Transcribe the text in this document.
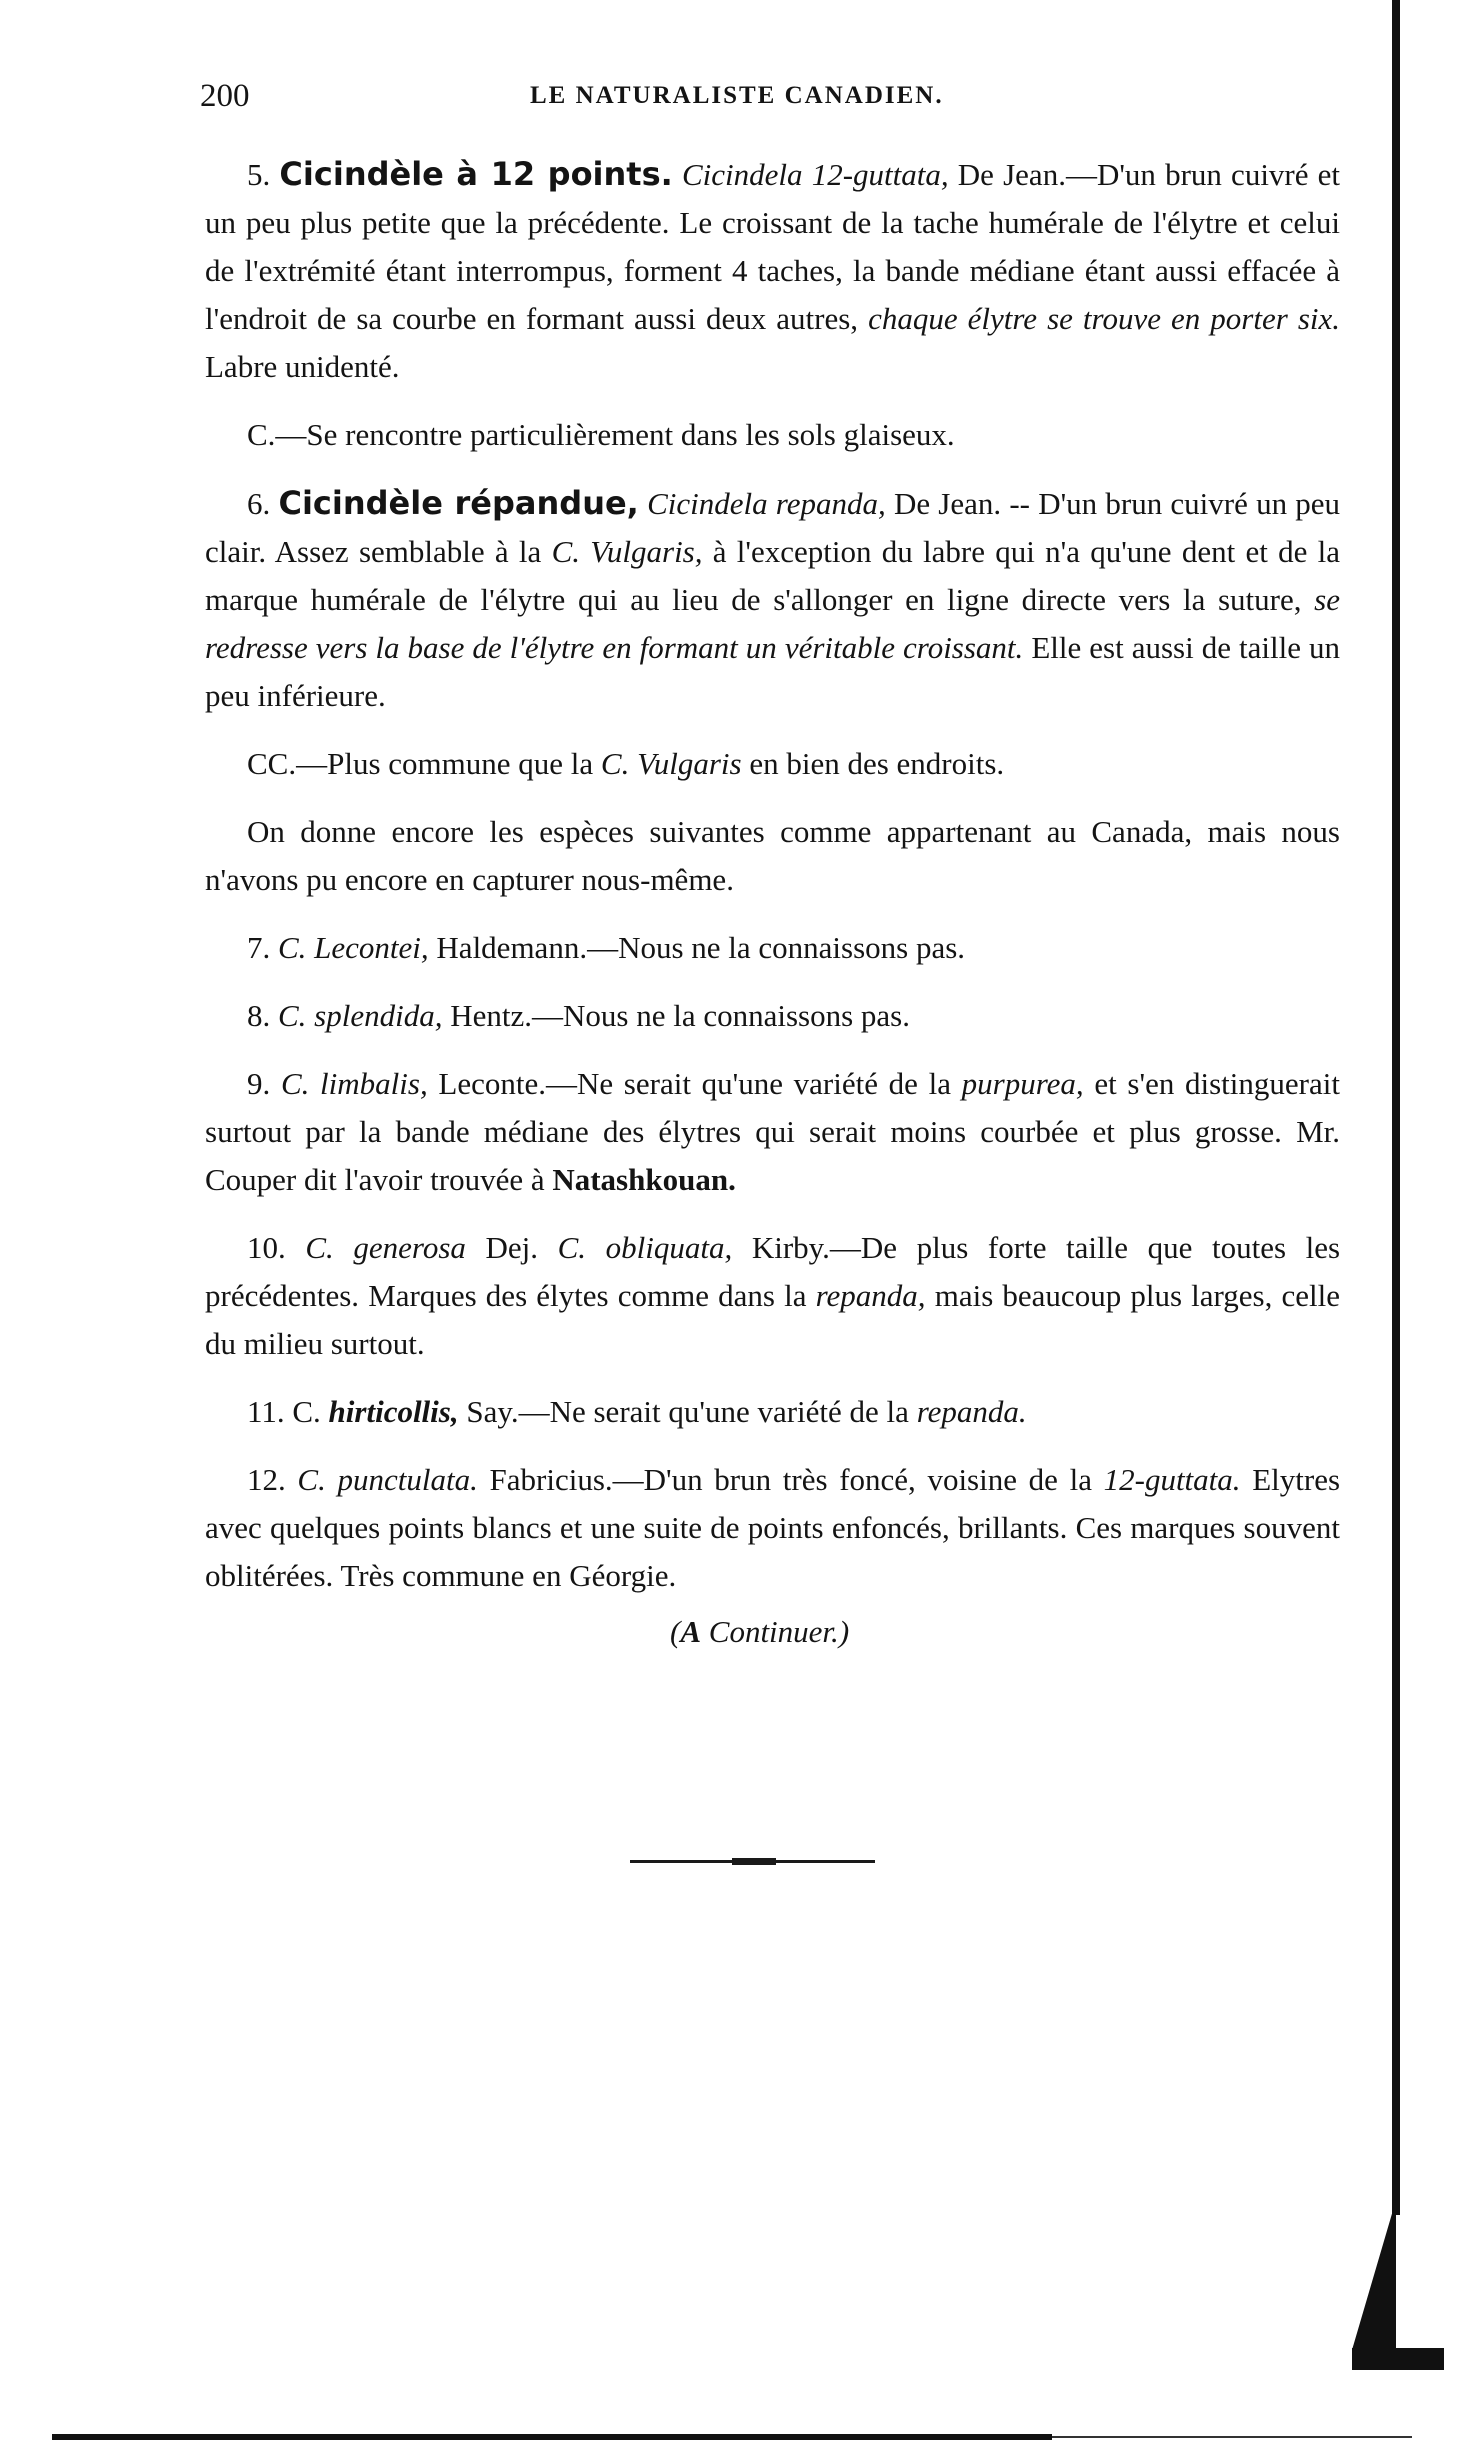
200	LE NATURALISTE CANADIEN.

5. Cicindèle à 12 points. Cicindela 12-guttata, De Jean.—D'un brun cuivré et un peu plus petite que la précédente. Le croissant de la tache humérale de l'élytre et celui de l'extrémité étant interrompus, forment 4 taches, la bande médiane étant aussi effacée à l'endroit de sa courbe en formant aussi deux autres, chaque élytre se trouve en porter six. Labre unidenté.

C.—Se rencontre particulièrement dans les sols glaiseux.

6. Cicindèle répandue, Cicindela repanda, De Jean. -- D'un brun cuivré un peu clair. Assez semblable à la C. Vulgaris, à l'exception du labre qui n'a qu'une dent et de la marque humérale de l'élytre qui au lieu de s'allonger en ligne directe vers la suture, se redresse vers la base de l'élytre en formant un véritable croissant. Elle est aussi de taille un peu inférieure.

CC.—Plus commune que la C. Vulgaris en bien des endroits.

On donne encore les espèces suivantes comme appartenant au Canada, mais nous n'avons pu encore en capturer nous-même.

7. C. Lecontei, Haldemann.—Nous ne la connaissons pas.

8. C. splendida, Hentz.—Nous ne la connaissons pas.

9. C. limbalis, Leconte.—Ne serait qu'une variété de la purpurea, et s'en distinguerait surtout par la bande médiane des élytres qui serait moins courbée et plus grosse. Mr. Couper dit l'avoir trouvée à Natashkouan.

10. C. generosa Dej. C. obliquata, Kirby.—De plus forte taille que toutes les précédentes. Marques des élytes comme dans la repanda, mais beaucoup plus larges, celle du milieu surtout.

11. C. hirticollis, Say.—Ne serait qu'une variété de la repanda.

12. C. punctulata. Fabricius.—D'un brun très foncé, voisine de la 12-guttata. Elytres avec quelques points blancs et une suite de points enfoncés, brillants. Ces marques souvent oblitérées. Très commune en Géorgie.

(A Continuer.)
